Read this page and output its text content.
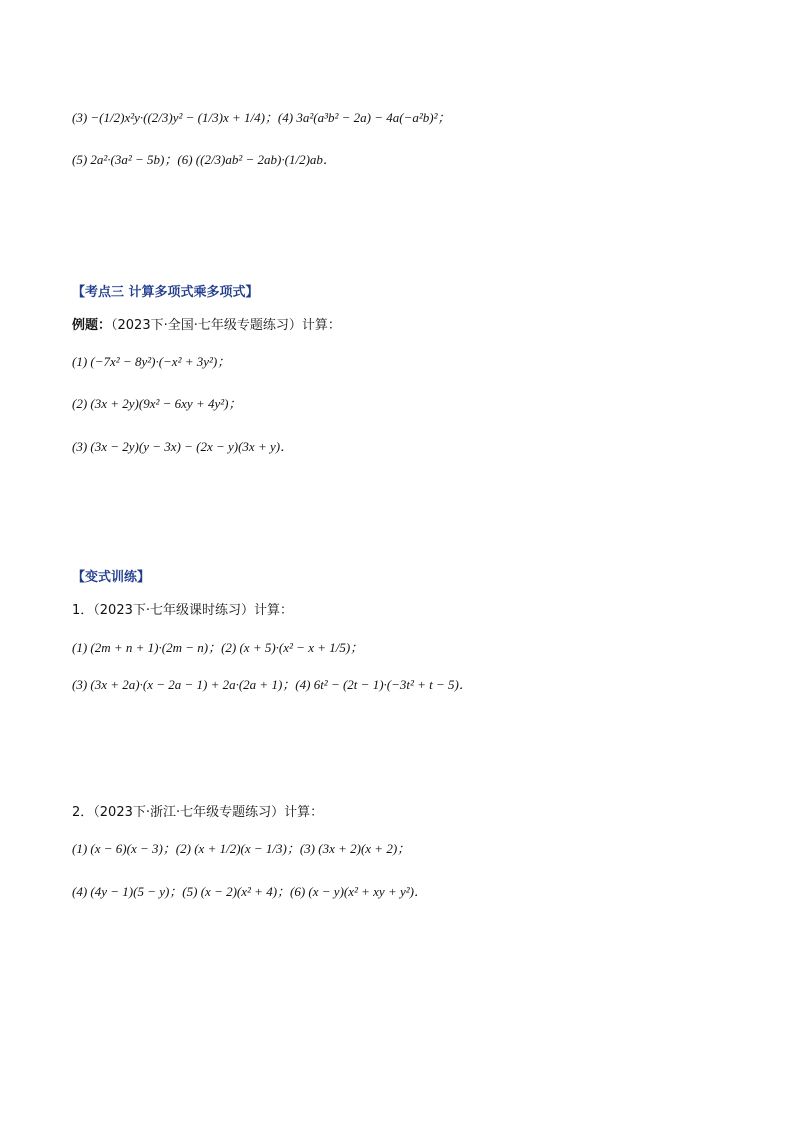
(3) −(1/2)x²y·((2/3)y² − (1/3)x + 1/4)；(4) 3a²(a³b² − 2a) − 4a(−a²b)²；
(5) 2a²·(3a² − 5b)；(6) ((2/3)ab² − 2ab)·(1/2)ab．
【考点三 计算多项式乘多项式】
例题：（2023下·全国·七年级专题练习）计算：
(1) (−7x² − 8y²)·(−x² + 3y²)；
(2) (3x + 2y)(9x² − 6xy + 4y²)；
(3) (3x − 2y)(y − 3x) − (2x − y)(3x + y)．
【变式训练】
1．（2023下·七年级课时练习）计算：
(1) (2m + n + 1)·(2m − n)；(2) (x + 5)·(x² − x + 1/5)；
(3) (3x + 2a)·(x − 2a − 1) + 2a·(2a + 1)；(4) 6t² − (2t − 1)·(−3t² + t − 5)．
2．（2023下·浙江·七年级专题练习）计算：
(1) (x − 6)(x − 3)；(2) (x + 1/2)(x − 1/3)；(3) (3x + 2)(x + 2)；
(4) (4y − 1)(5 − y)；(5) (x − 2)(x² + 4)；(6) (x − y)(x² + xy + y²)．
